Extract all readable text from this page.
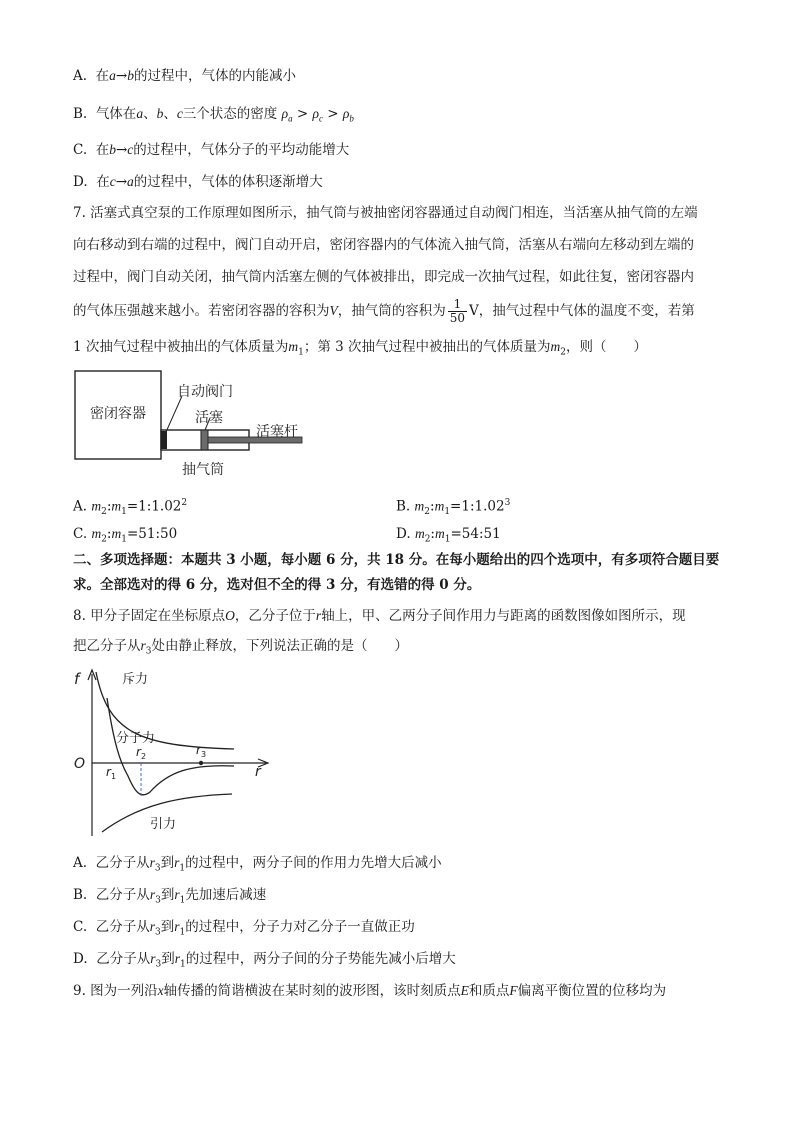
A. 在a→b的过程中，气体的内能减小
B. 气体在a、b、c三个状态的密度 $\rho_a > \rho_c > \rho_b$
C. 在b→c的过程中，气体分子的平均动能增大
D. 在c→a的过程中，气体的体积逐渐增大
7. 活塞式真空泵的工作原理如图所示，抽气筒与被抽密闭容器通过自动阀门相连，当活塞从抽气筒的左端
向右移动到右端的过程中，阀门自动开启，密闭容器内的气体流入抽气筒，活塞从右端向左移动到左端的
过程中，阀门自动关闭，抽气筒内活塞左侧的气体被排出，即完成一次抽气过程，如此往复，密闭容器内
的气体压强越来越小。若密闭容器的容积为V，抽气筒的容积为 $\frac{1}{50}$ V，抽气过程中气体的温度不变，若第
1 次抽气过程中被抽出的气体质量为$m_1$；第 3 次抽气过程中被抽出的气体质量为$m_2$，则（　　）
密闭容器
自动阀门
活塞
活塞杆
抽气筒
A. $m_2:m_1=1:1.02^2$	B. $m_2:m_1=1:1.02^3$
C. $m_2:m_1=51:50$	D. $m_2:m_1=54:51$
二、多项选择题：本题共 3 小题，每小题 6 分，共 18 分。在每小题给出的四个选项中，有多项符合题目要
求。全部选对的得 6 分，选对但不全的得 3 分，有选错的得 0 分。
8. 甲分子固定在坐标原点O，乙分子位于r轴上，甲、乙两分子间作用力与距离的函数图像如图所示，现
把乙分子从$r_3$处由静止释放，下列说法正确的是（　　）
f
O	r
斥力
分子力
引力
$r_1$
$r_2$	$r_3$
A. 乙分子从$r_3$到$r_1$的过程中，两分子间的作用力先增大后减小
B. 乙分子从$r_3$到$r_1$先加速后减速
C. 乙分子从$r_3$到$r_1$的过程中，分子力对乙分子一直做正功
D. 乙分子从$r_3$到$r_1$的过程中，两分子间的分子势能先减小后增大
9. 图为一列沿x轴传播的简谐横波在某时刻的波形图，该时刻质点E和质点F偏离平衡位置的位移均为
